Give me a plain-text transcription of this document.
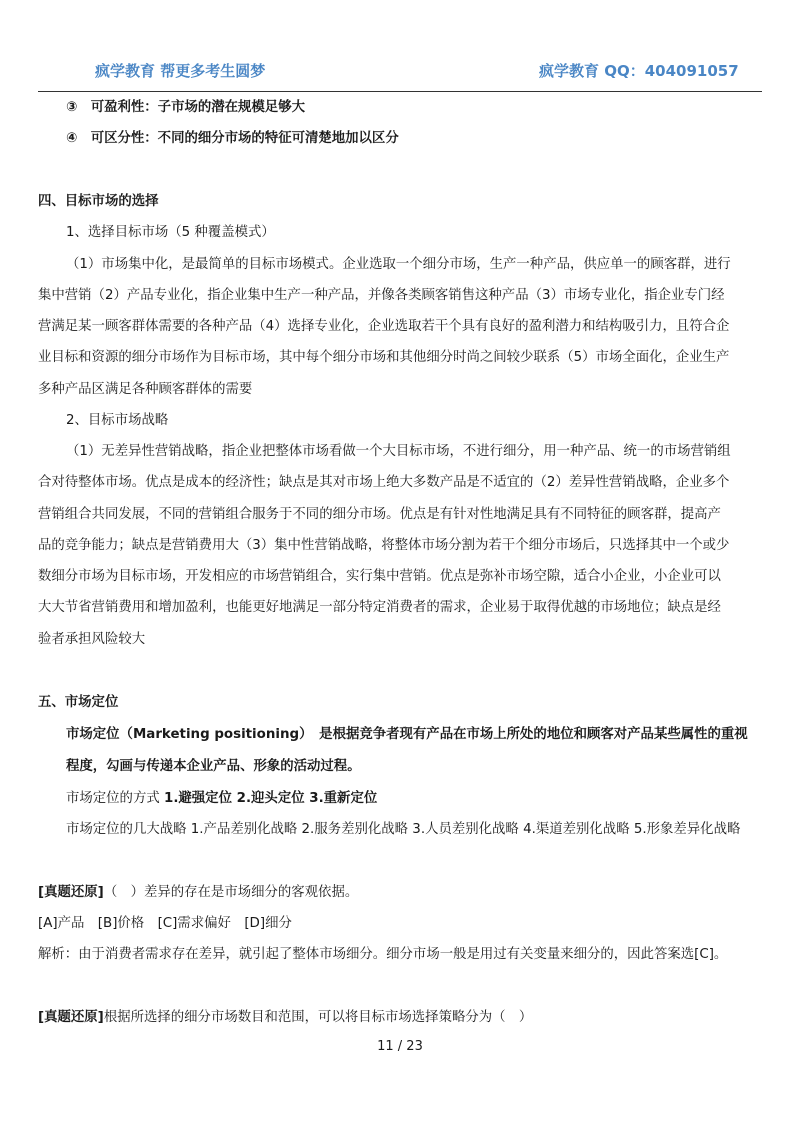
疯学教育 帮更多考生圆梦	疯学教育 QQ：404091057
③　可盈利性：子市场的潜在规模足够大
④　可区分性：不同的细分市场的特征可清楚地加以区分
四、目标市场的选择
1、选择目标市场（5 种覆盖模式）
（1）市场集中化，是最简单的目标市场模式。企业选取一个细分市场，生产一种产品，供应单一的顾客群，进行
集中营销（2）产品专业化，指企业集中生产一种产品，并像各类顾客销售这种产品（3）市场专业化，指企业专门经
营满足某一顾客群体需要的各种产品（4）选择专业化，企业选取若干个具有良好的盈利潜力和结构吸引力，且符合企
业目标和资源的细分市场作为目标市场，其中每个细分市场和其他细分时尚之间较少联系（5）市场全面化，企业生产
多种产品区满足各种顾客群体的需要
2、目标市场战略
（1）无差异性营销战略，指企业把整体市场看做一个大目标市场，不进行细分，用一种产品、统一的市场营销组
合对待整体市场。优点是成本的经济性；缺点是其对市场上绝大多数产品是不适宜的（2）差异性营销战略，企业多个
营销组合共同发展，不同的营销组合服务于不同的细分市场。优点是有针对性地满足具有不同特征的顾客群，提高产
品的竞争能力；缺点是营销费用大（3）集中性营销战略，将整体市场分割为若干个细分市场后，只选择其中一个或少
数细分市场为目标市场，开发相应的市场营销组合，实行集中营销。优点是弥补市场空隙，适合小企业，小企业可以
大大节省营销费用和增加盈利，也能更好地满足一部分特定消费者的需求，企业易于取得优越的市场地位；缺点是经
验者承担风险较大
五、市场定位
市场定位（Marketing positioning）　是根据竞争者现有产品在市场上所处的地位和顾客对产品某些属性的重视
程度，勾画与传递本企业产品、形象的活动过程。
市场定位的方式 1.避强定位 2.迎头定位 3.重新定位
市场定位的几大战略 1.产品差别化战略 2.服务差别化战略 3.人员差别化战略 4.渠道差别化战略 5.形象差异化战略
[真题还原]（　）差异的存在是市场细分的客观依据。
[A]产品　[B]价格　[C]需求偏好　[D]细分
解析：由于消费者需求存在差异，就引起了整体市场细分。细分市场一般是用过有关变量来细分的，因此答案选[C]。
[真题还原]根据所选择的细分市场数目和范围，可以将目标市场选择策略分为（　）
11 / 23
